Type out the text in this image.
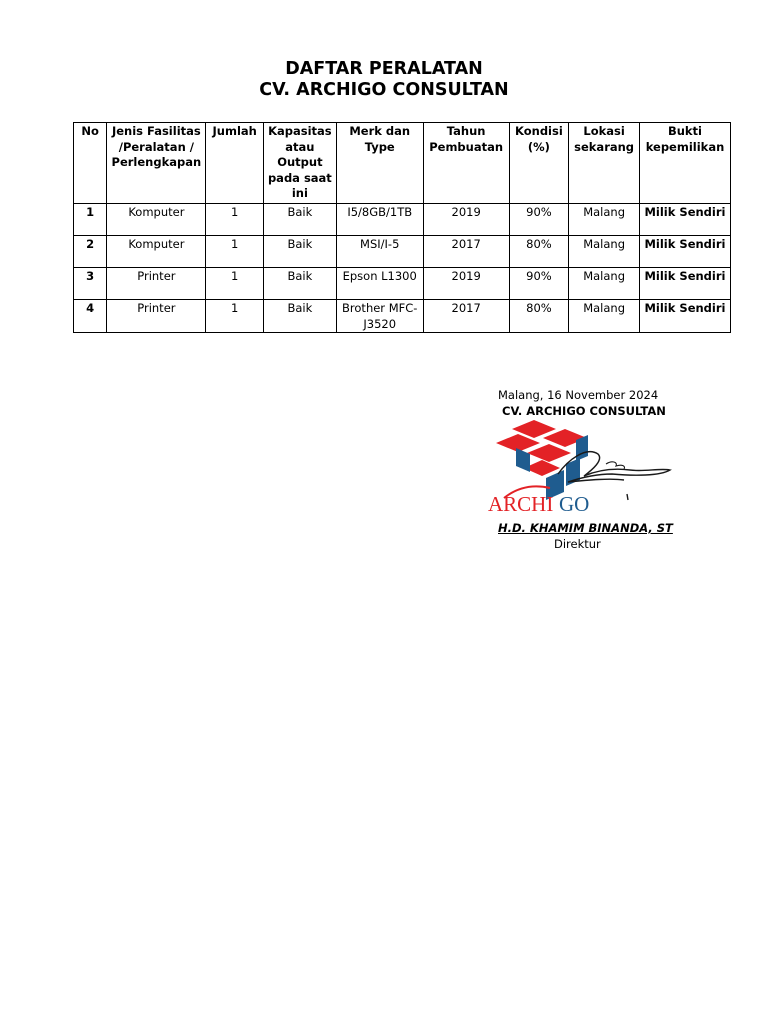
DAFTAR PERALATAN
CV. ARCHIGO CONSULTAN
No	Jenis Fasilitas /Peralatan / Perlengkapan	Jumlah	Kapasitas atau Output pada saat ini	Merk dan Type	Tahun Pembuatan	Kondisi (%)	Lokasi sekarang	Bukti kepemilikan
1	Komputer	1	Baik	I5/8GB/1TB	2019	90%	Malang	Milik Sendiri
2	Komputer	1	Baik	MSI/I-5	2017	80%	Malang	Milik Sendiri
3	Printer	1	Baik	Epson L1300	2019	90%	Malang	Milik Sendiri
4	Printer	1	Baik	Brother MFC-J3520	2017	80%	Malang	Milik Sendiri
Malang, 16 November 2024
CV. ARCHIGO CONSULTAN
ARCHI GO
H.D. KHAMIM BINANDA, ST
Direktur
